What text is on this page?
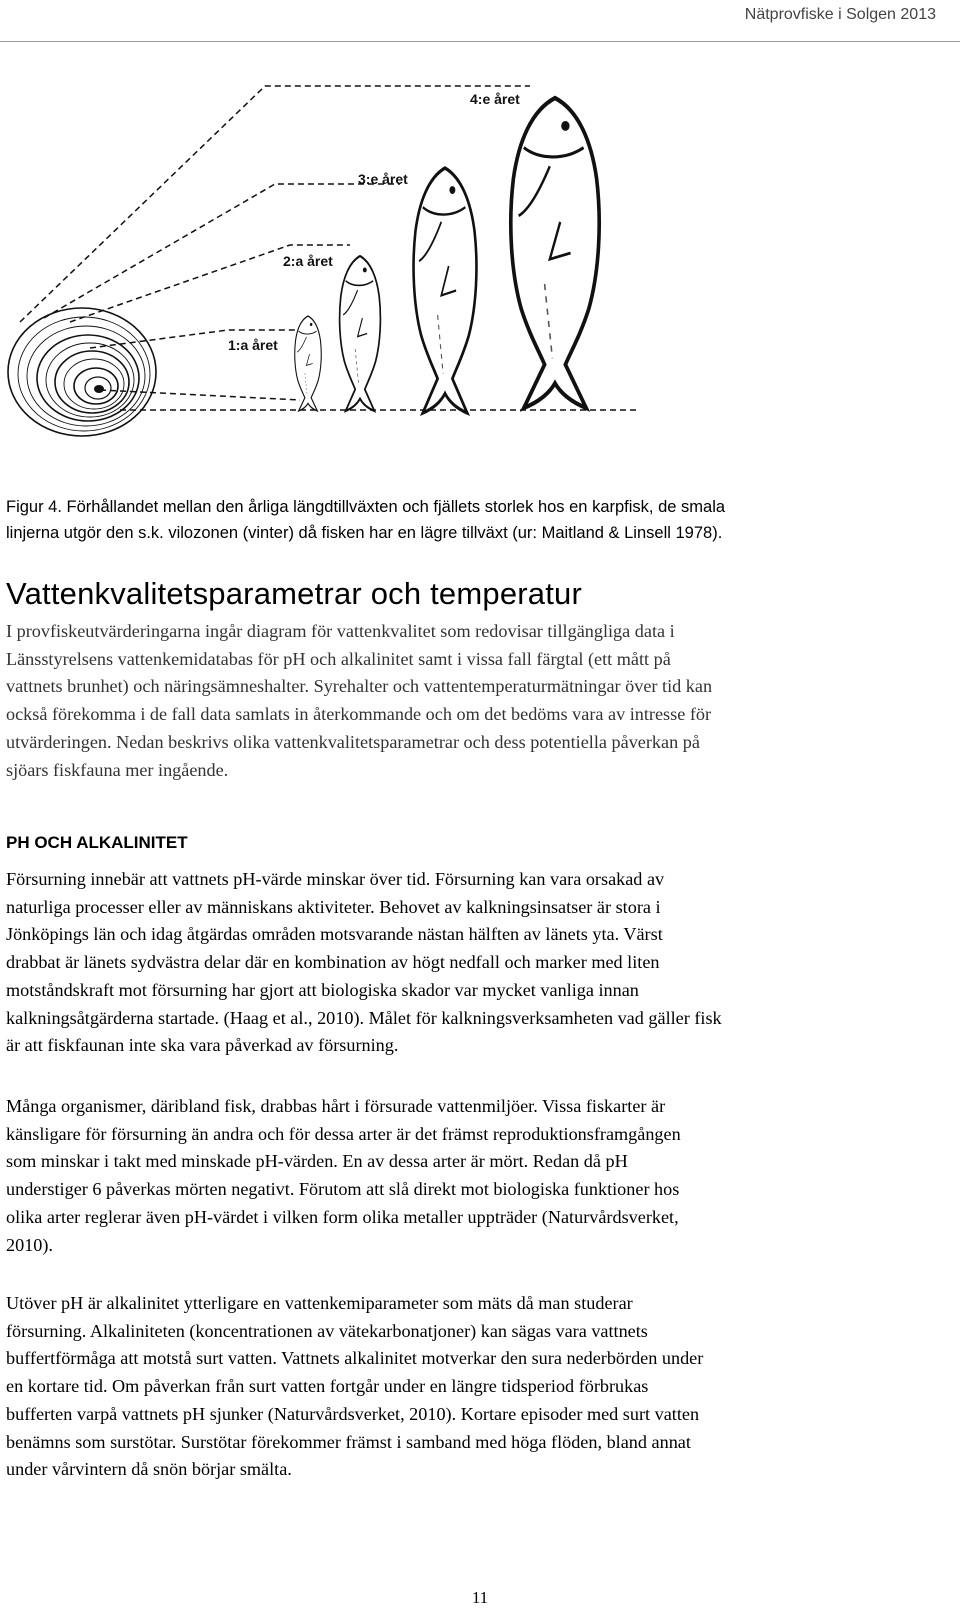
Nätprovfiske i Solgen 2013
1:a året
2:a året
3:e året
4:e året
Figur 4. Förhållandet mellan den årliga längdtillväxten och fjällets storlek hos en karpfisk, de smala
linjerna utgör den s.k. vilozonen (vinter) då fisken har en lägre tillväxt (ur: Maitland & Linsell 1978).
Vattenkvalitetsparametrar och temperatur
I provfiskeutvärderingarna ingår diagram för vattenkvalitet som redovisar tillgängliga data i
Länsstyrelsens vattenkemidatabas för pH och alkalinitet samt i vissa fall färgtal (ett mått på
vattnets brunhet) och näringsämneshalter. Syrehalter och vattentemperaturmätningar över tid kan
också förekomma i de fall data samlats in återkommande och om det bedöms vara av intresse för
utvärderingen. Nedan beskrivs olika vattenkvalitetsparametrar och dess potentiella påverkan på
sjöars fiskfauna mer ingående.
PH OCH ALKALINITET
Försurning innebär att vattnets pH-värde minskar över tid. Försurning kan vara orsakad av
naturliga processer eller av människans aktiviteter. Behovet av kalkningsinsatser är stora i
Jönköpings län och idag åtgärdas områden motsvarande nästan hälften av länets yta. Värst
drabbat är länets sydvästra delar där en kombination av högt nedfall och marker med liten
motståndskraft mot försurning har gjort att biologiska skador var mycket vanliga innan
kalkningsåtgärderna startade. (Haag et al., 2010). Målet för kalkningsverksamheten vad gäller fisk
är att fiskfaunan inte ska vara påverkad av försurning.
Många organismer, däribland fisk, drabbas hårt i försurade vattenmiljöer. Vissa fiskarter är
känsligare för försurning än andra och för dessa arter är det främst reproduktionsframgången
som minskar i takt med minskade pH-värden. En av dessa arter är mört. Redan då pH
understiger 6 påverkas mörten negativt. Förutom att slå direkt mot biologiska funktioner hos
olika arter reglerar även pH-värdet i vilken form olika metaller uppträder (Naturvårdsverket,
2010).
Utöver pH är alkalinitet ytterligare en vattenkemiparameter som mäts då man studerar
försurning. Alkaliniteten (koncentrationen av vätekarbonatjoner) kan sägas vara vattnets
buffertförmåga att motstå surt vatten. Vattnets alkalinitet motverkar den sura nederbörden under
en kortare tid. Om påverkan från surt vatten fortgår under en längre tidsperiod förbrukas
bufferten varpå vattnets pH sjunker (Naturvårdsverket, 2010). Kortare episoder med surt vatten
benämns som surstötar. Surstötar förekommer främst i samband med höga flöden, bland annat
under vårvintern då snön börjar smälta.
11
